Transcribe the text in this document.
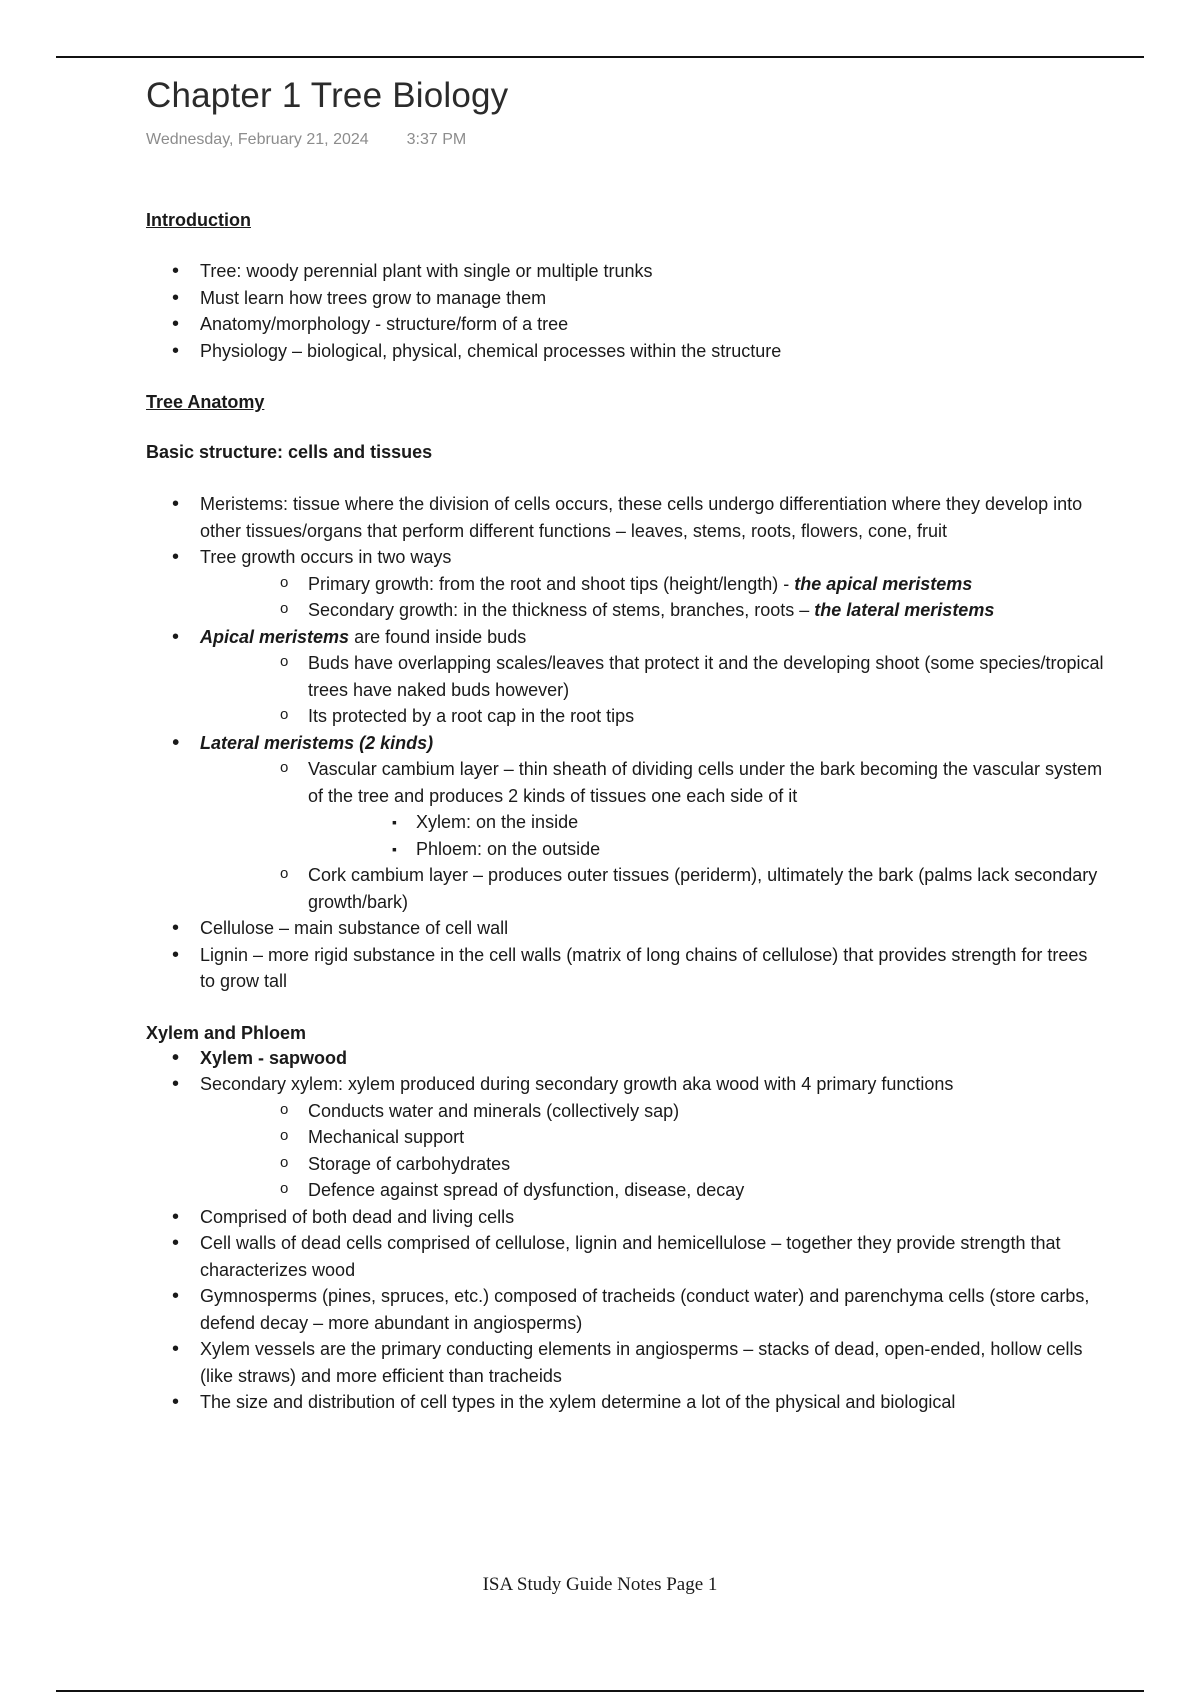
Chapter 1 Tree Biology
Wednesday, February 21, 2024 3:37 PM
Introduction
• Tree: woody perennial plant with single or multiple trunks
• Must learn how trees grow to manage them
• Anatomy/morphology - structure/form of a tree
• Physiology – biological, physical, chemical processes within the structure
Tree Anatomy
Basic structure: cells and tissues
• Meristems: tissue where the division of cells occurs, these cells undergo differentiation where they develop into other tissues/organs that perform different functions – leaves, stems, roots, flowers, cone, fruit
• Tree growth occurs in two ways
o Primary growth: from the root and shoot tips (height/length) - the apical meristems
o Secondary growth: in the thickness of stems, branches, roots – the lateral meristems
• Apical meristems are found inside buds
o Buds have overlapping scales/leaves that protect it and the developing shoot (some species/tropical trees have naked buds however)
o Its protected by a root cap in the root tips
• Lateral meristems (2 kinds)
o Vascular cambium layer – thin sheath of dividing cells under the bark becoming the vascular system of the tree and produces 2 kinds of tissues one each side of it
▪ Xylem: on the inside
▪ Phloem: on the outside
o Cork cambium layer – produces outer tissues (periderm), ultimately the bark (palms lack secondary growth/bark)
• Cellulose – main substance of cell wall
• Lignin – more rigid substance in the cell walls (matrix of long chains of cellulose) that provides strength for trees to grow tall
Xylem and Phloem
• Xylem - sapwood
• Secondary xylem: xylem produced during secondary growth aka wood with 4 primary functions
o Conducts water and minerals (collectively sap)
o Mechanical support
o Storage of carbohydrates
o Defence against spread of dysfunction, disease, decay
• Comprised of both dead and living cells
• Cell walls of dead cells comprised of cellulose, lignin and hemicellulose – together they provide strength that characterizes wood
• Gymnosperms (pines, spruces, etc.) composed of tracheids (conduct water) and parenchyma cells (store carbs, defend decay – more abundant in angiosperms)
• Xylem vessels are the primary conducting elements in angiosperms – stacks of dead, open-ended, hollow cells (like straws) and more efficient than tracheids
• The size and distribution of cell types in the xylem determine a lot of the physical and biological
ISA Study Guide Notes Page 1
